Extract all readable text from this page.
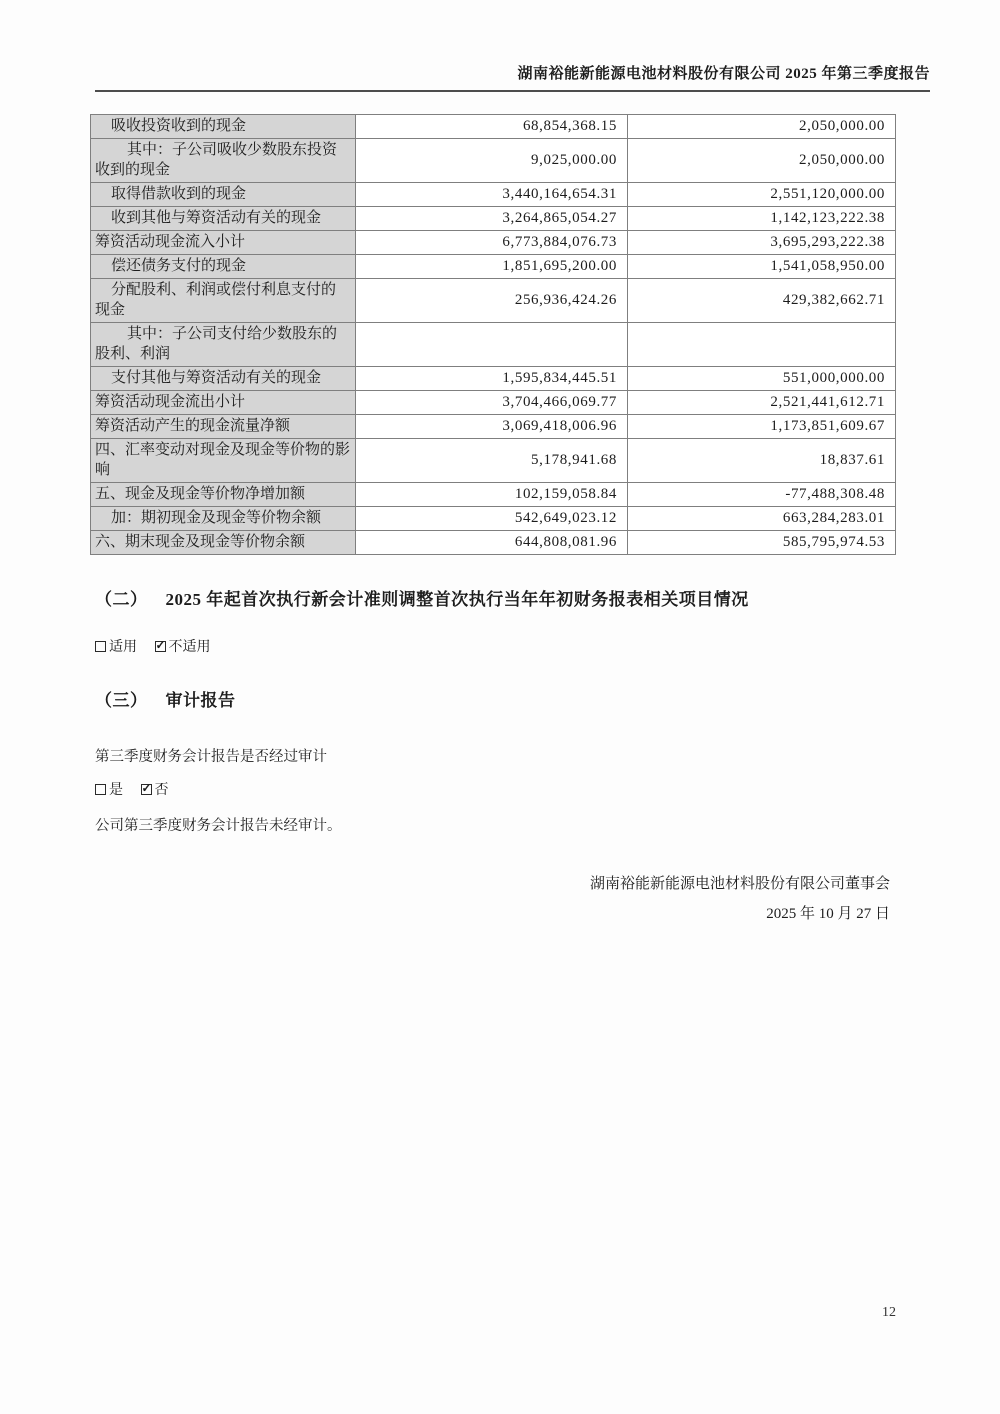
湖南裕能新能源电池材料股份有限公司 2025 年第三季度报告
吸收投资收到的现金	68,854,368.15	2,050,000.00
其中：子公司吸收少数股东投资收到的现金	9,025,000.00	2,050,000.00
取得借款收到的现金	3,440,164,654.31	2,551,120,000.00
收到其他与筹资活动有关的现金	3,264,865,054.27	1,142,123,222.38
筹资活动现金流入小计	6,773,884,076.73	3,695,293,222.38
偿还债务支付的现金	1,851,695,200.00	1,541,058,950.00
分配股利、利润或偿付利息支付的现金	256,936,424.26	429,382,662.71
其中：子公司支付给少数股东的股利、利润		
支付其他与筹资活动有关的现金	1,595,834,445.51	551,000,000.00
筹资活动现金流出小计	3,704,466,069.77	2,521,441,612.71
筹资活动产生的现金流量净额	3,069,418,006.96	1,173,851,609.67
四、汇率变动对现金及现金等价物的影响	5,178,941.68	18,837.61
五、现金及现金等价物净增加额	102,159,058.84	-77,488,308.48
加：期初现金及现金等价物余额	542,649,023.12	663,284,283.01
六、期末现金及现金等价物余额	644,808,081.96	585,795,974.53
（二） 2025 年起首次执行新会计准则调整首次执行当年年初财务报表相关项目情况
适用 ✓ 不适用
（三） 审计报告
第三季度财务会计报告是否经过审计
是 ✓ 否
公司第三季度财务会计报告未经审计。
湖南裕能新能源电池材料股份有限公司董事会
2025 年 10 月 27 日
12
